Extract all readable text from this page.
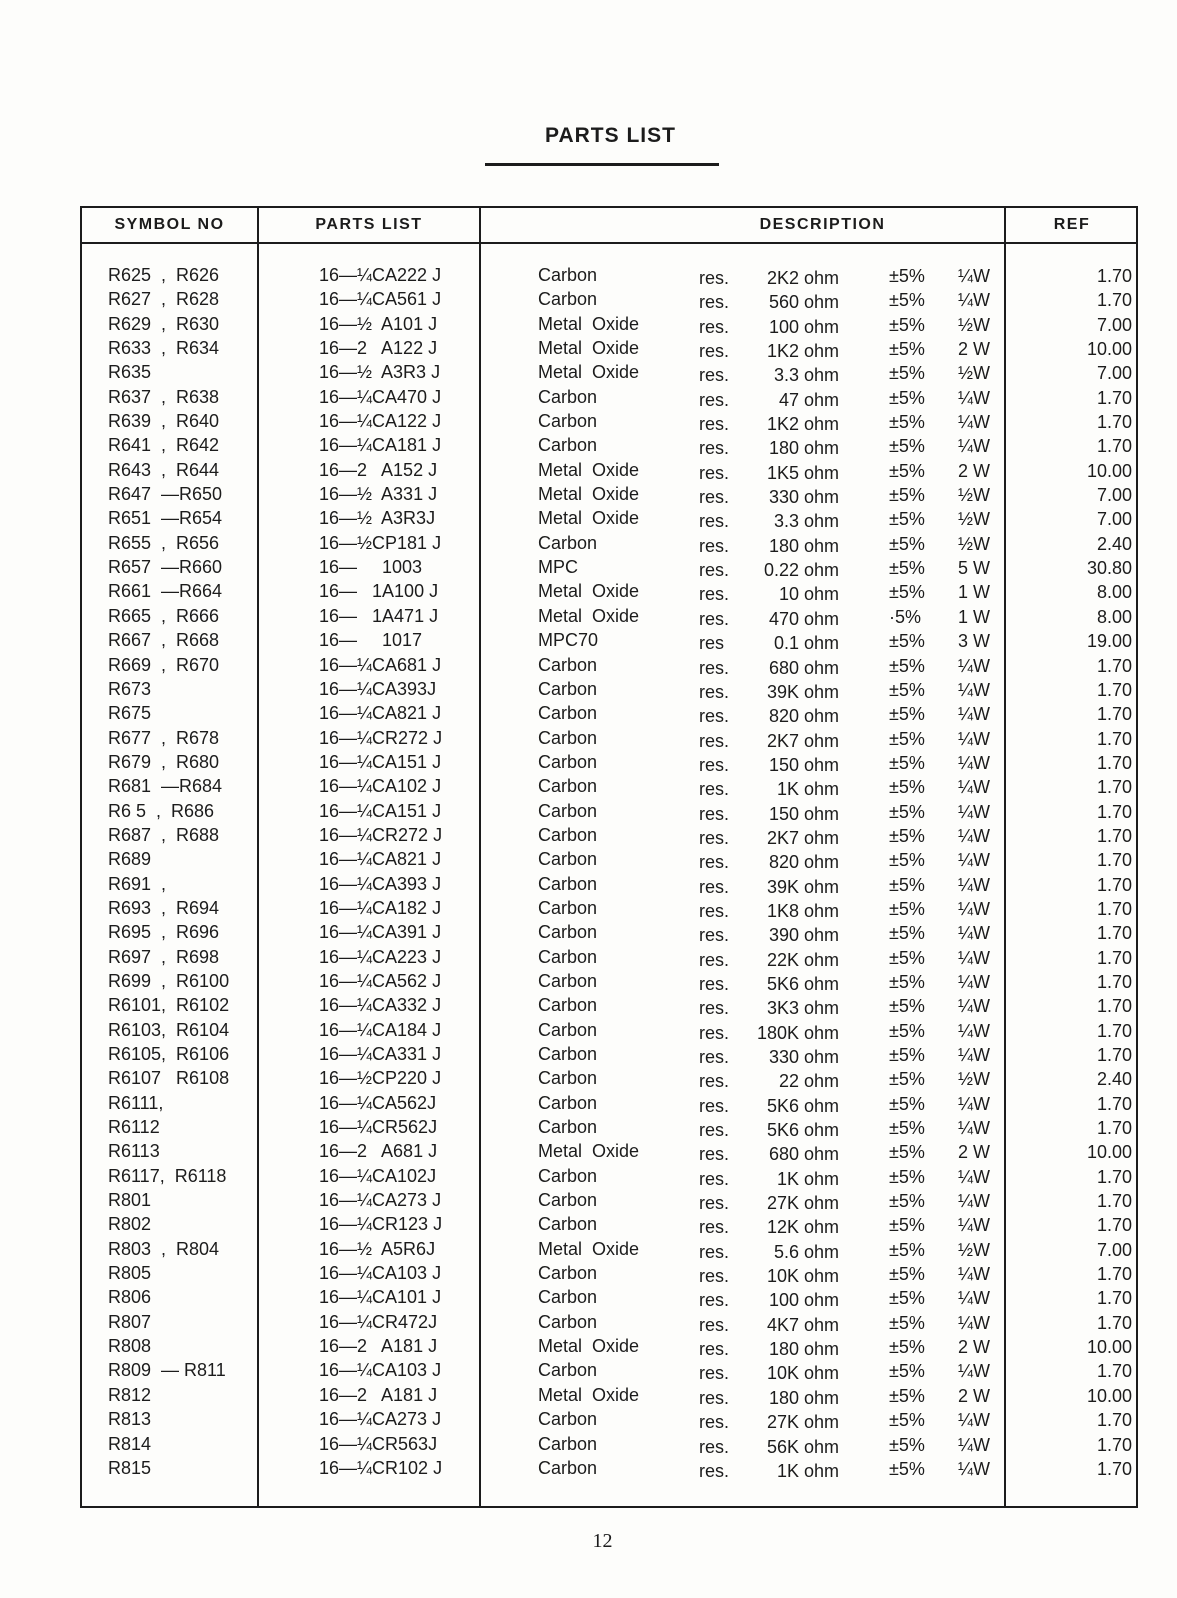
PARTS LIST
SYMBOL NO	PARTS LIST	DESCRIPTION	REF
R625  ,  R626	16—¼CA222 J	Carbon	res.	2K2 ohm	±5% ¼W	1.70
R627  ,  R628	16—¼CA561 J	Carbon	res.	560 ohm	±5% ¼W	1.70
R629  ,  R630	16—½  A101 J	Metal  Oxide	res.	100 ohm	±5% ½W	7.00
R633  ,  R634	16—2   A122 J	Metal  Oxide	res.	1K2 ohm	±5% 2 W	10.00
R635	16—½  A3R3 J	Metal  Oxide	res.	3.3 ohm	±5% ½W	7.00
R637  ,  R638	16—¼CA470 J	Carbon	res.	47 ohm	±5% ¼W	1.70
R639  ,  R640	16—¼CA122 J	Carbon	res.	1K2 ohm	±5% ¼W	1.70
R641  ,  R642	16—¼CA181 J	Carbon	res.	180 ohm	±5% ¼W	1.70
R643  ,  R644	16—2   A152 J	Metal  Oxide	res.	1K5 ohm	±5% 2 W	10.00
R647  —R650	16—½  A331 J	Metal  Oxide	res.	330 ohm	±5% ½W	7.00
R651  —R654	16—½  A3R3J	Metal  Oxide	res.	3.3 ohm	±5% ½W	7.00
R655  ,  R656	16—½CP181 J	Carbon	res.	180 ohm	±5% ½W	2.40
R657  —R660	16—     1003	MPC	res.	0.22 ohm	±5% 5 W	30.80
R661  —R664	16—   1A100 J	Metal  Oxide	res.	10 ohm	±5% 1 W	8.00
R665  ,  R666	16—   1A471 J	Metal  Oxide	res.	470 ohm	·5% 1 W	8.00
R667  ,  R668	16—     1017	MPC70	res	0.1 ohm	±5% 3 W	19.00
R669  ,  R670	16—¼CA681 J	Carbon	res.	680 ohm	±5% ¼W	1.70
R673	16—¼CA393J	Carbon	res.	39K ohm	±5% ¼W	1.70
R675	16—¼CA821 J	Carbon	res.	820 ohm	±5% ¼W	1.70
R677  ,  R678	16—¼CR272 J	Carbon	res.	2K7 ohm	±5% ¼W	1.70
R679  ,  R680	16—¼CA151 J	Carbon	res.	150 ohm	±5% ¼W	1.70
R681  —R684	16—¼CA102 J	Carbon	res.	1K ohm	±5% ¼W	1.70
R6 5  ,  R686	16—¼CA151 J	Carbon	res.	150 ohm	±5% ¼W	1.70
R687  ,  R688	16—¼CR272 J	Carbon	res.	2K7 ohm	±5% ¼W	1.70
R689	16—¼CA821 J	Carbon	res.	820 ohm	±5% ¼W	1.70
R691  ,	16—¼CA393 J	Carbon	res.	39K ohm	±5% ¼W	1.70
R693  ,  R694	16—¼CA182 J	Carbon	res.	1K8 ohm	±5% ¼W	1.70
R695  ,  R696	16—¼CA391 J	Carbon	res.	390 ohm	±5% ¼W	1.70
R697  ,  R698	16—¼CA223 J	Carbon	res.	22K ohm	±5% ¼W	1.70
R699  ,  R6100	16—¼CA562 J	Carbon	res.	5K6 ohm	±5% ¼W	1.70
R6101,  R6102	16—¼CA332 J	Carbon	res.	3K3 ohm	±5% ¼W	1.70
R6103,  R6104	16—¼CA184 J	Carbon	res.	180K ohm	±5% ¼W	1.70
R6105,  R6106	16—¼CA331 J	Carbon	res.	330 ohm	±5% ¼W	1.70
R6107   R6108	16—½CP220 J	Carbon	res.	22 ohm	±5% ½W	2.40
R6111,	16—¼CA562J	Carbon	res.	5K6 ohm	±5% ¼W	1.70
R6112	16—¼CR562J	Carbon	res.	5K6 ohm	±5% ¼W	1.70
R6113	16—2   A681 J	Metal  Oxide	res.	680 ohm	±5% 2 W	10.00
R6117,  R6118	16—¼CA102J	Carbon	res.	1K ohm	±5% ¼W	1.70
R801	16—¼CA273 J	Carbon	res.	27K ohm	±5% ¼W	1.70
R802	16—¼CR123 J	Carbon	res.	12K ohm	±5% ¼W	1.70
R803  ,  R804	16—½  A5R6J	Metal  Oxide	res.	5.6 ohm	±5% ½W	7.00
R805	16—¼CA103 J	Carbon	res.	10K ohm	±5% ¼W	1.70
R806	16—¼CA101 J	Carbon	res.	100 ohm	±5% ¼W	1.70
R807	16—¼CR472J	Carbon	res.	4K7 ohm	±5% ¼W	1.70
R808	16—2   A181 J	Metal  Oxide	res.	180 ohm	±5% 2 W	10.00
R809  — R811	16—¼CA103 J	Carbon	res.	10K ohm	±5% ¼W	1.70
R812	16—2   A181 J	Metal  Oxide	res.	180 ohm	±5% 2 W	10.00
R813	16—¼CA273 J	Carbon	res.	27K ohm	±5% ¼W	1.70
R814	16—¼CR563J	Carbon	res.	56K ohm	±5% ¼W	1.70
R815	16—¼CR102 J	Carbon	res.	1K ohm	±5% ¼W	1.70
12
